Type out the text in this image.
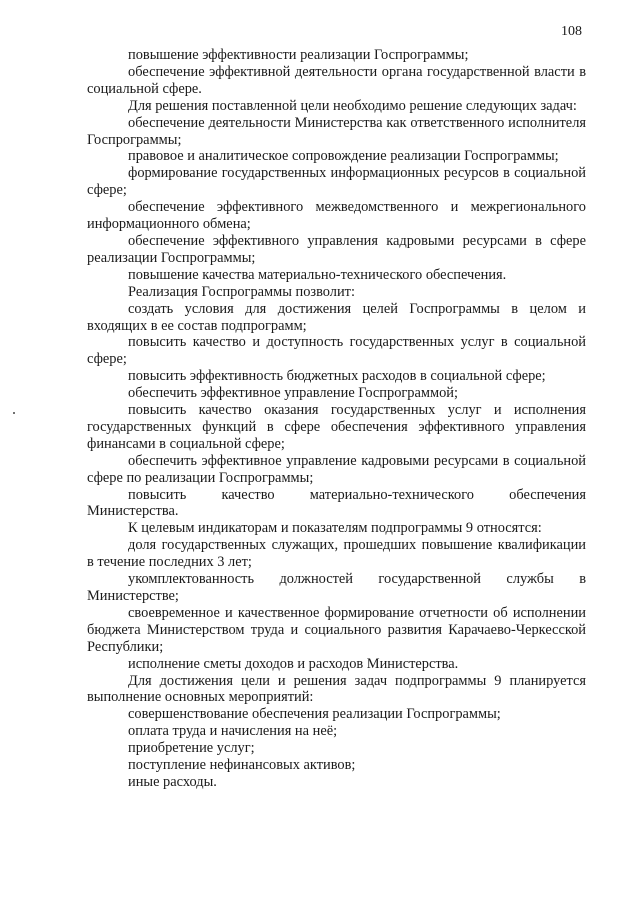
108

повышение эффективности реализации Госпрограммы;

обеспечение эффективной деятельности органа государственной власти в социальной сфере.

Для решения поставленной цели необходимо решение следующих задач:

обеспечение деятельности Министерства как ответственного исполнителя Госпрограммы;

правовое и аналитическое сопровождение реализации Госпрограммы;

формирование государственных информационных ресурсов в социальной сфере;

обеспечение эффективного межведомственного и межрегионального информационного обмена;

обеспечение эффективного управления кадровыми ресурсами в сфере реализации Госпрограммы;

повышение качества материально-технического обеспечения.

Реализация Госпрограммы позволит:

создать условия для достижения целей Госпрограммы в целом и входящих в ее состав подпрограмм;

повысить качество и доступность государственных услуг в социальной сфере;

повысить эффективность бюджетных расходов в социальной сфере;

обеспечить эффективное управление Госпрограммой;

повысить качество оказания государственных услуг и исполнения государственных функций в сфере обеспечения эффективного управления финансами в социальной сфере;

обеспечить эффективное управление кадровыми ресурсами в социальной сфере по реализации Госпрограммы;

повысить качество материально-технического обеспечения Министерства.

К целевым индикаторам и показателям подпрограммы 9 относятся:

доля государственных служащих, прошедших повышение квалификации в течение последних 3 лет;

укомплектованность должностей государственной службы в Министерстве;

своевременное и качественное формирование отчетности об исполнении бюджета Министерством труда и социального развития Карачаево-Черкесской Республики;

исполнение сметы доходов и расходов Министерства.

Для достижения цели и решения задач подпрограммы 9 планируется выполнение основных мероприятий:

совершенствование обеспечения реализации Госпрограммы;

оплата труда и начисления на неё;

приобретение услуг;

поступление нефинансовых активов;

иные расходы.
